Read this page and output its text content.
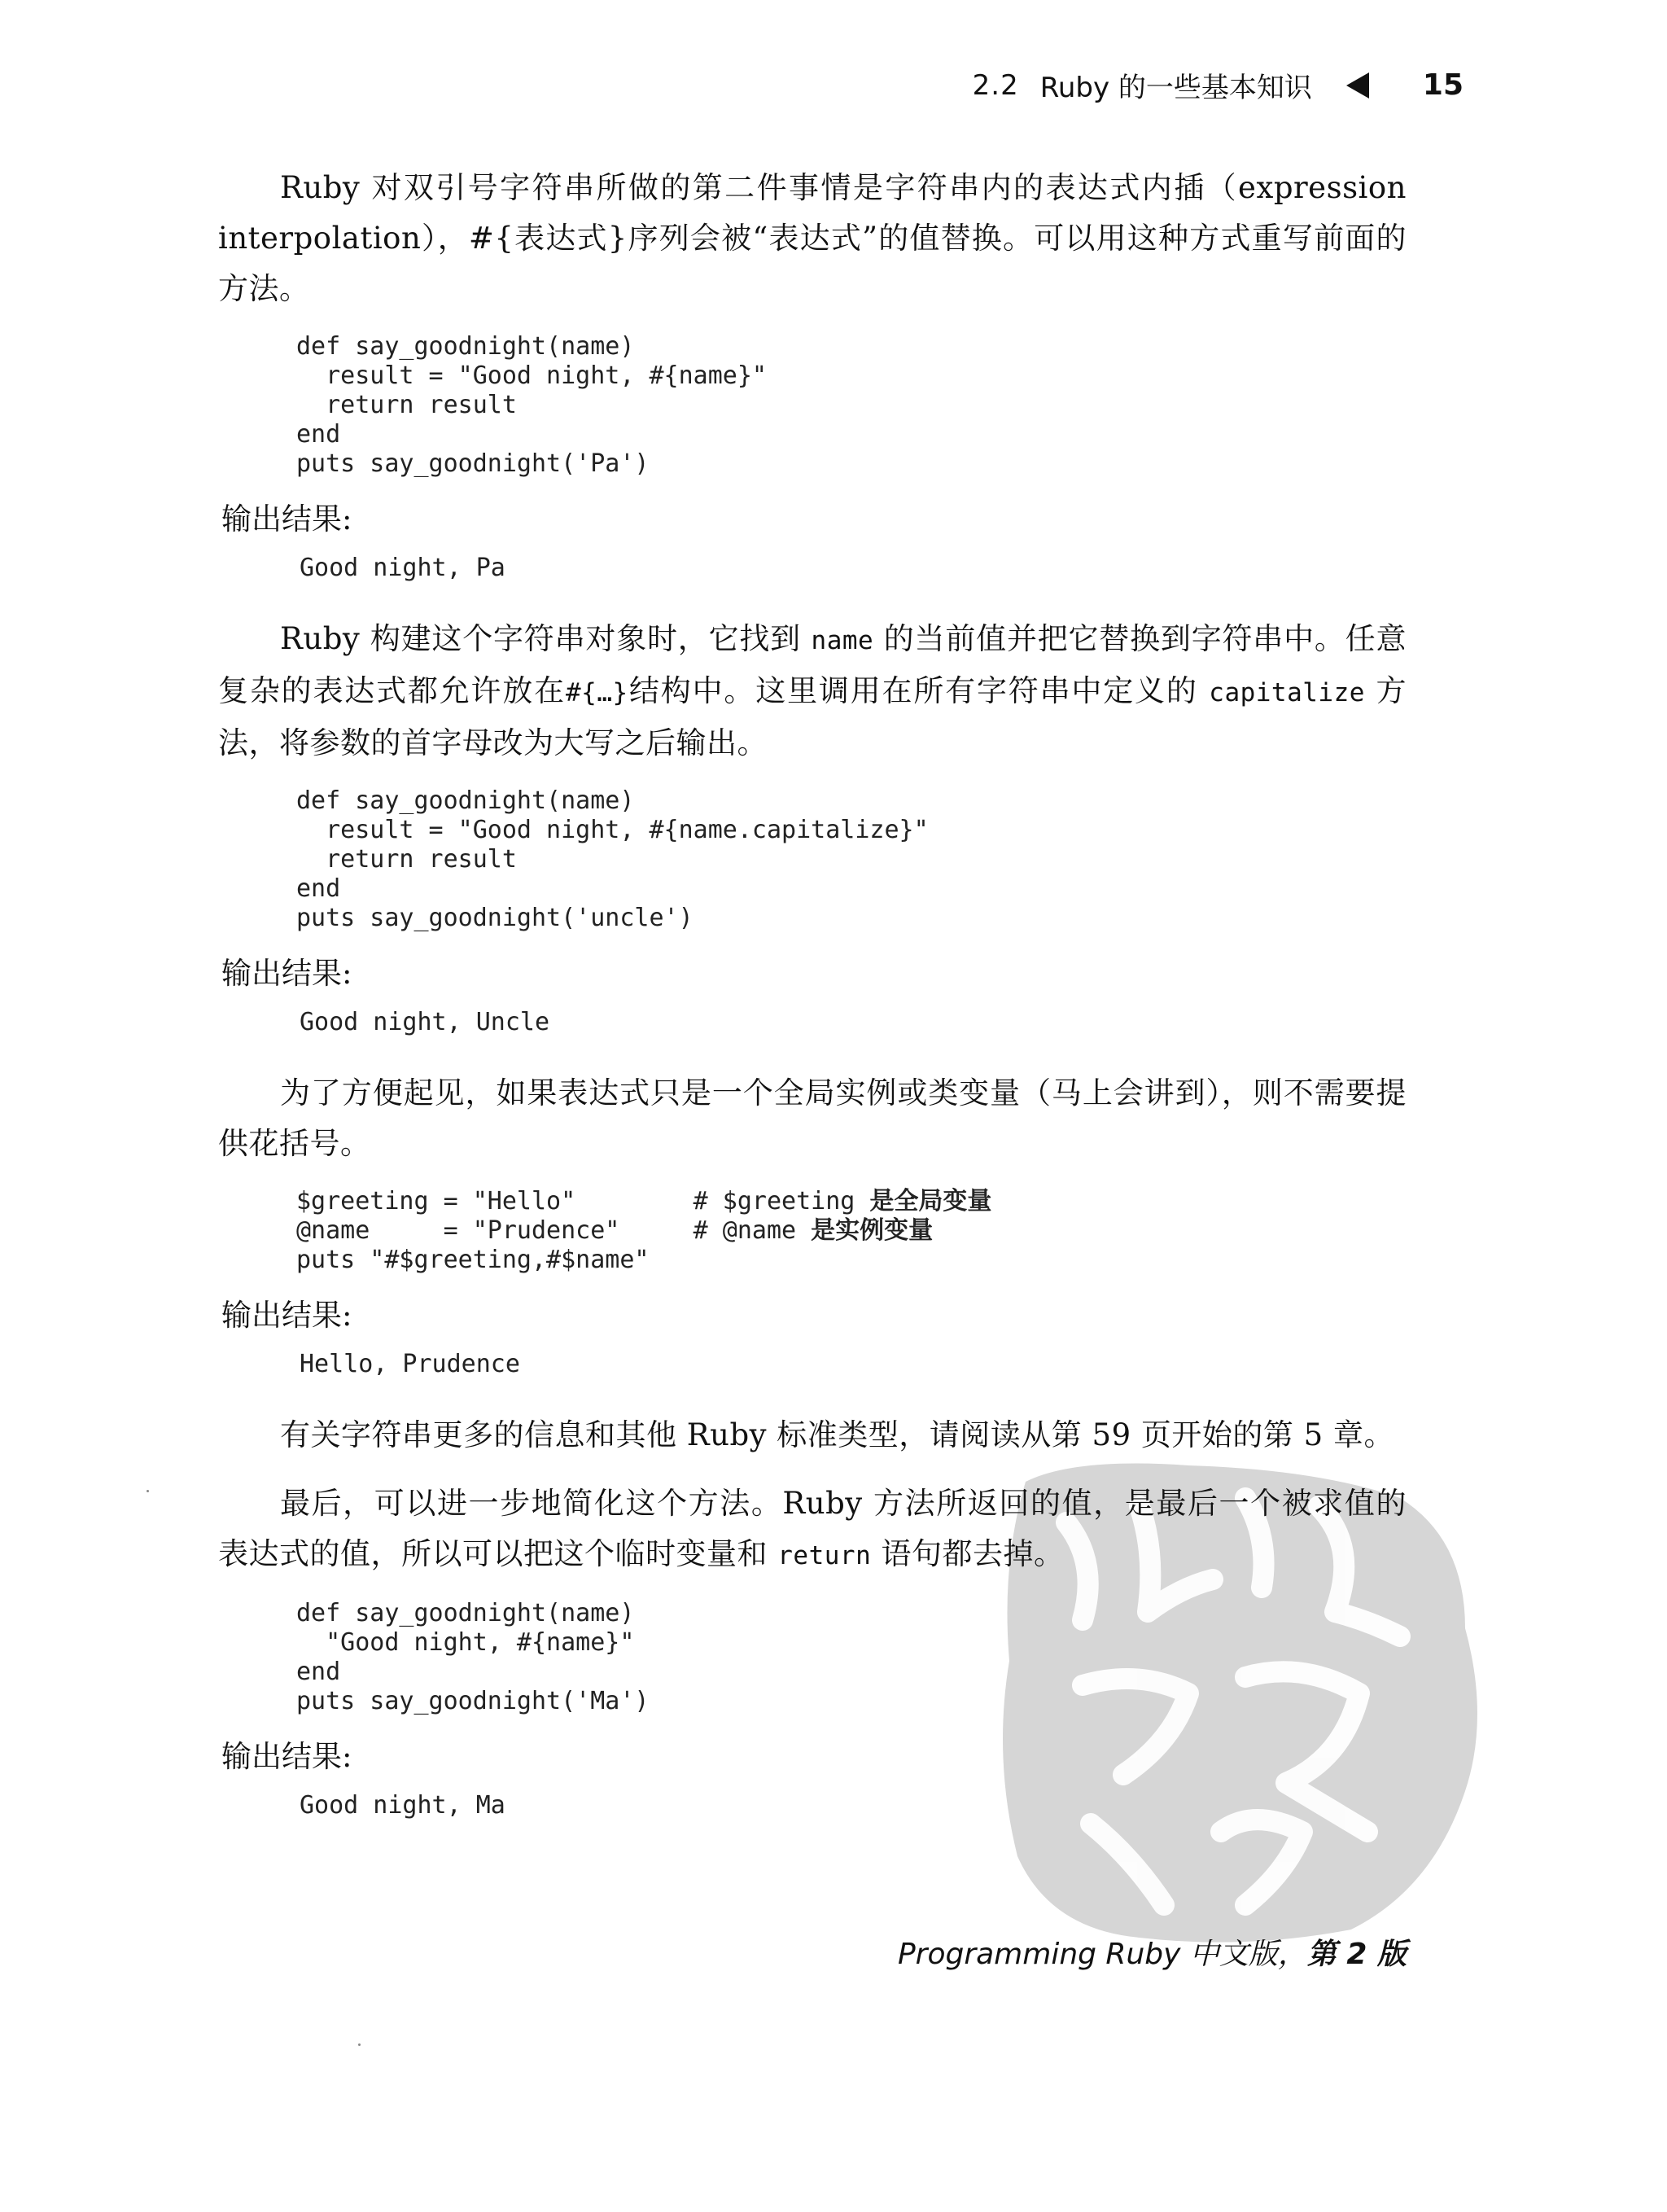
2.2 Ruby 的一些基本知识	15

Ruby 对双引号字符串所做的第二件事情是字符串内的表达式内插（expression interpolation），#{表达式}序列会被“表达式”的值替换。可以用这种方式重写前面的方法。

def say_goodnight(name)
result = "Good night, #{name}"
return result
end
puts say_goodnight('Pa')
输出结果:
Good night, Pa

Ruby 构建这个字符串对象时，它找到 name 的当前值并把它替换到字符串中。任意复杂的表达式都允许放在#{…}结构中。这里调用在所有字符串中定义的 capitalize 方法，将参数的首字母改为大写之后输出。

def say_goodnight(name)
result = "Good night, #{name.capitalize}"
return result
end
puts say_goodnight('uncle')
输出结果:
Good night, Uncle

为了方便起见，如果表达式只是一个全局实例或类变量（马上会讲到），则不需要提供花括号。

$greeting = "Hello"        # $greeting 是全局变量
@name     = "Prudence"     # @name 是实例变量
puts "#$greeting,#$name"
输出结果:
Hello, Prudence

有关字符串更多的信息和其他 Ruby 标准类型，请阅读从第 59 页开始的第 5 章。

最后，可以进一步地简化这个方法。Ruby 方法所返回的值，是最后一个被求值的表达式的值，所以可以把这个临时变量和 return 语句都去掉。

def say_goodnight(name)
"Good night, #{name}"
end
puts say_goodnight('Ma')
输出结果:
Good night, Ma
Programming Ruby 中文版，第 2 版
